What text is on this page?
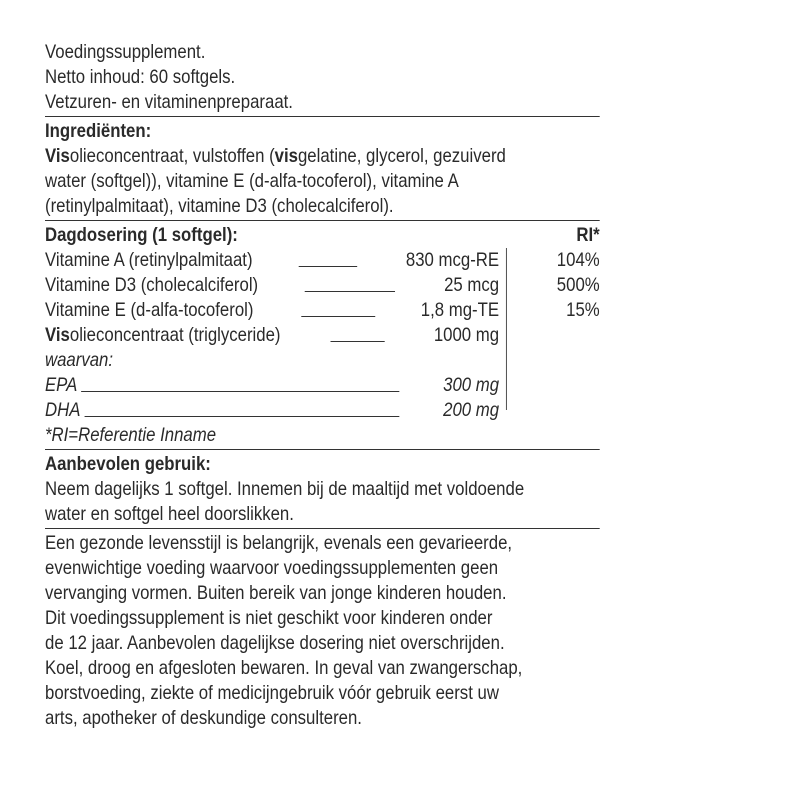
Voedingssupplement.
Netto inhoud: 60 softgels.
Vetzuren- en vitaminenpreparaat.
Ingrediënten:
Visolieconcentraat, vulstoffen (visgelatine, glycerol, gezuiverd
water (softgel)), vitamine E (d-alfa-tocoferol), vitamine A
(retinylpalmitaat), vitamine D3 (cholecalciferol).
Dagdosering (1 softgel):	RI*
Vitamine A (retinylpalmitaat)	830 mcg-RE	104%
Vitamine D3 (cholecalciferol)	25 mcg	500%
Vitamine E (d-alfa-tocoferol)	1,8 mg-TE	15%
Visolieconcentraat (triglyceride)	1000 mg
waarvan:
EPA	300 mg
DHA	200 mg
*RI=Referentie Inname
Aanbevolen gebruik:
Neem dagelijks 1 softgel. Innemen bij de maaltijd met voldoende
water en softgel heel doorslikken.
Een gezonde levensstijl is belangrijk, evenals een gevarieerde,
evenwichtige voeding waarvoor voedingssupplementen geen
vervanging vormen. Buiten bereik van jonge kinderen houden.
Dit voedingssupplement is niet geschikt voor kinderen onder
de 12 jaar. Aanbevolen dagelijkse dosering niet overschrijden.
Koel, droog en afgesloten bewaren. In geval van zwangerschap,
borstvoeding, ziekte of medicijngebruik vóór gebruik eerst uw
arts, apotheker of deskundige consulteren.
